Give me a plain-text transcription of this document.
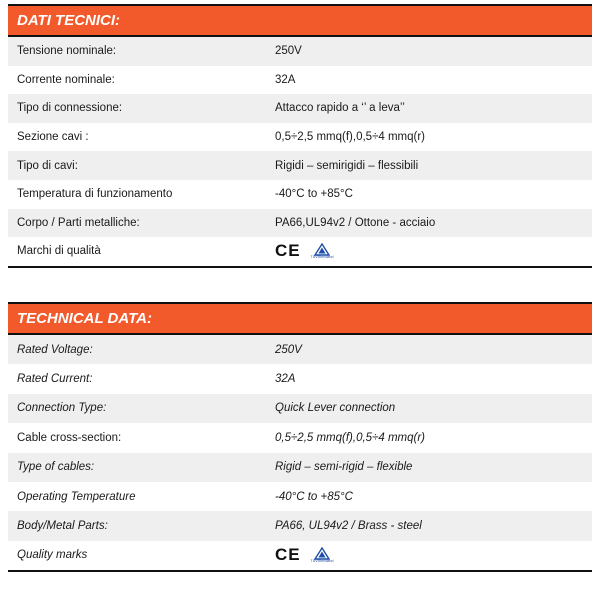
DATI TECNICI:
Tensione nominale:	250V
Corrente nominale:	32A
Tipo di connessione:	Attacco rapido a ‘’ a leva’’
Sezione cavi :	0,5÷2,5 mmq(f),0,5÷4 mmq(r)
Tipo di cavi:	Rigidi – semirigidi – flessibili
Temperatura di funzionamento	-40°C to +85°C
Corpo / Parti metalliche:	PA66,UL94v2 / Ottone - acciaio
Marchi di qualità	CE	TÜVRheinland
TECHNICAL DATA:
Rated Voltage:	250V
Rated Current:	32A
Connection Type:	Quick Lever connection
Cable cross-section:	0,5÷2,5 mmq(f),0,5÷4 mmq(r)
Type of cables:	Rigid – semi-rigid – flexible
Operating Temperature	-40°C to +85°C
Body/Metal Parts:	PA66, UL94v2 / Brass - steel
Quality marks	CE	TÜVRheinland
